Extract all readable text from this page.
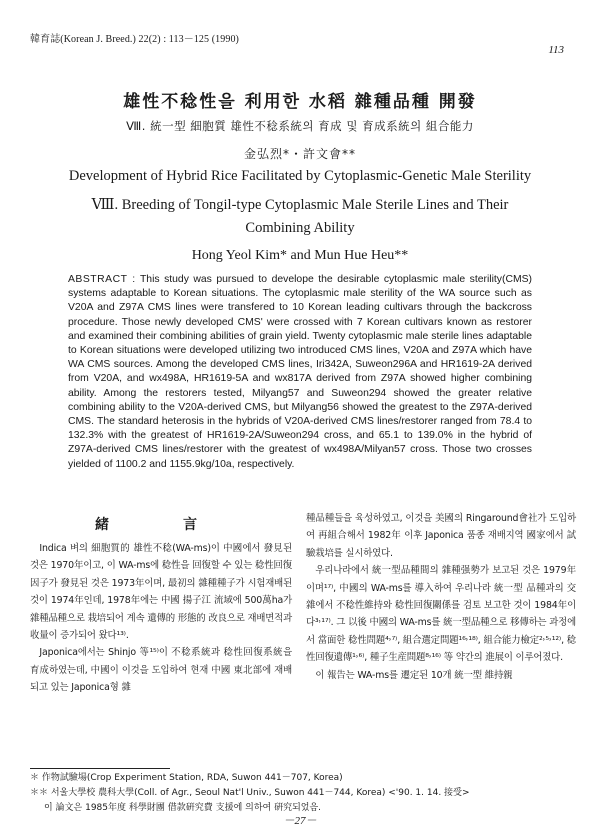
韓育誌(Korean J. Breed.) 22(2) : 113－125 (1990)
113
雄性不稔性을 利用한 水稻 雜種品種 開發
Ⅷ. 統一型 細胞質 雄性不稔系統의 育成 및 育成系統의 組合能力
金弘烈*・許文會**
Development of Hybrid Rice Facilitated by Cytoplasmic-Genetic Male Sterility
Ⅷ. Breeding of Tongil-type Cytoplasmic Male Sterile Lines and Their Combining Ability
Hong Yeol Kim* and Mun Hue Heu**
ABSTRACT : This study was pursued to develope the desirable cytoplasmic male sterility(CMS) systems adaptable to Korean situations. The cytoplasmic male sterility of the WA source such as V20A and Z97A CMS lines were transfered to 10 Korean leading cultivars through the backcross procedure. Those newly developed CMS' were crossed with 7 Korean cultivars known as restorer and examined their combining abilities of grain yield. Twenty cytoplasmic male sterile lines adaptable to Korean situations were developed utilizing two introduced CMS lines, V20A and Z97A which have WA CMS sources. Among the developed CMS lines, Iri342A, Suweon296A and HR1619-2A derived from V20A, and wx498A, HR1619-5A and wx817A derived from Z97A showed higher combining ability. Among the restorers tested, Milyang57 and Suweon294 showed the greater relative combining ability to the V20A-derived CMS, but Milyang56 showed the greatest to the Z97A-derived CMS. The standard heterosis in the hybrids of V20A-derived CMS lines/restorer ranged from 78.4 to 132.3% with the greatest of HR1619-2A/Suweon294 cross, and 65.1 to 139.0% in the hybrid of Z97A-derived CMS lines/restorer with the greatest of wx498A/Milyan57 cross. Those two crosses yielded of 1100.2 and 1155.9kg/10a, respectively.
緒　言

Indica 벼의 細胞質的 雄性不稔(WA-ms)이 中國에서 發見된 것은 1970年이고, 이 WA-ms에 稔性을 回復할 수 있는 稔性回復因子가 發見된 것은 1973年이며, 最初의 雜種種子가 시험재배된 것이 1974年인데, 1978年에는 中國 揚子江 流域에 500萬ha가 雜種品種으로 栽培되어 계속 遺傳的 形態的 改良으로 재배면적과 收量이 증가되어 왔다¹³⁾.

Japonica에서는 Shinjo 等¹⁵⁾이 不稔系統과 稔性回復系統을 育成하였는데, 中國이 이것을 도입하여 현재 中國 東北部에 재배되고 있는 Japonica형 雜

種品種들을 육성하였고, 이것을 美國의 Ringaround會社가 도입하여 再組合해서 1982年 이후 Japonica 품종 재배지역 國家에서 試驗栽培를 실시하였다.

우리나라에서 統一型品種間의 雜種强勢가 보고된 것은 1979年이며¹⁷⁾, 中國의 WA-ms를 導入하여 우리나라 統一型 品種과의 交雜에서 不稔性維持와 稔性回復關係를 검토 보고한 것이 1984年이다³˒¹⁷⁾. 그 以後 中國의 WA-ms를 統一型品種으로 移傳하는 과정에서 當面한 稔性問題⁴˒⁷⁾, 組合選定問題¹⁶˒¹⁸⁾, 組合能力檢定²˒⁵˒¹²⁾, 稔性回復遺傳¹˒⁶⁾, 種子生産問題⁸˒¹⁶⁾ 等 약간의 進展이 이루어졌다.

이 報告는 WA-ms를 遷定된 10개 統一型 維持親

＊ 作物試驗場(Crop Experiment Station, RDA, Suwon 441－707, Korea)
＊＊ 서울大學校 農科大學(Coll. of Agr., Seoul Nat'l Univ., Suwon 441－744, Korea) <'90. 1. 14. 接受>
이 論文은 1985年度 科學財團 借款硏究費 支援에 의하여 硏究되었음.
－27－
